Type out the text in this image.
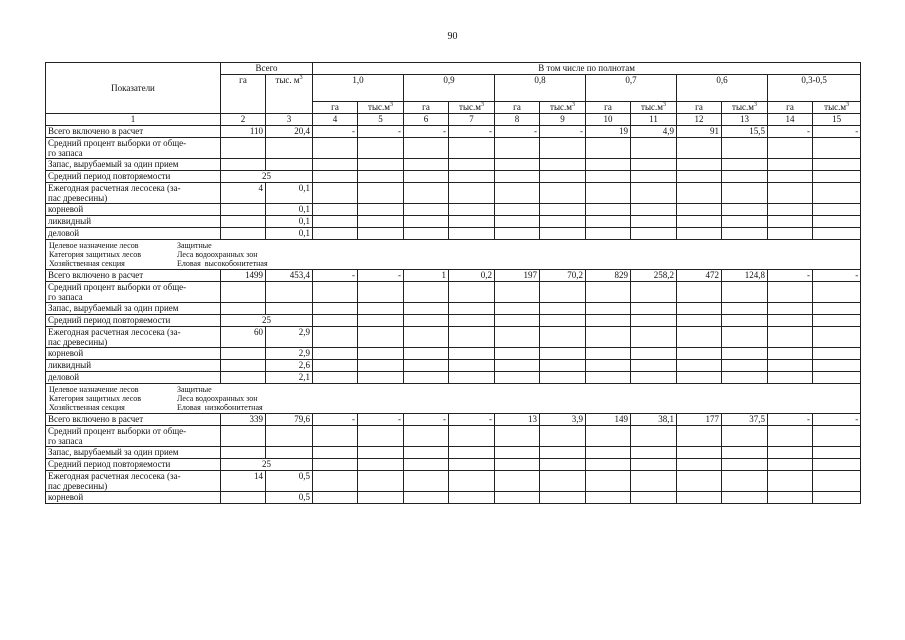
90
Показатели	Всего		В том числе по полнотам											
	га	тыс. $м^3$	1,0		0,9		0,8		0,7		0,6		0,3-0,5	
			га	$тыс.м^3$	га	$тыс.м^3$	га	$тыс.м^3$	га	$тыс.м^3$	га	$тыс.м^3$	га	$тыс.м^3$
1	2	3	4	5	6	7	8	9	10	11	12	13	14	15
Всего включено в расчет	110	20,4	-	-	-	-	-	-	19	4,9	91	15,5	-	-
Средний процент выборки от обще-
го запаса														
Запас, вырубаемый за один прием														
Средний период повторяемости	25													
Ежегодная расчетная лесосека (за-
пас древесины)	4	0,1												
корневой		0,1												
ликвидный		0,1												
деловой		0,1												

Целевое назначение лесов Защитные
Категория защитных лесов Леса водоохранных зон
Хозяйственная секция Еловая  высокобонитетная														

Всего включено в расчет	1499	453,4	-	-	1	0,2	197	70,2	829	258,2	472	124,8	-	-
Средний процент выборки от обще-
го запаса														
Запас, вырубаемый за один прием														
Средний период повторяемости	25													
Ежегодная расчетная лесосека (за-
пас древесины)	60	2,9												
корневой		2,9												
ликвидный		2,6												
деловой		2,1												

Целевое назначение лесов Защитные
Категория защитных лесов Леса водоохранных зон
Хозяйственная секция Еловая  низкобонитетная														

Всего включено в расчет	339	79,6	-	-	-	-	13	3,9	149	38,1	177	37,5	-	-
Средний процент выборки от обще-
го запаса														
Запас, вырубаемый за один прием														
Средний период повторяемости	25													
Ежегодная расчетная лесосека (за-
пас древесины)	14	0,5												
корневой		0,5												
